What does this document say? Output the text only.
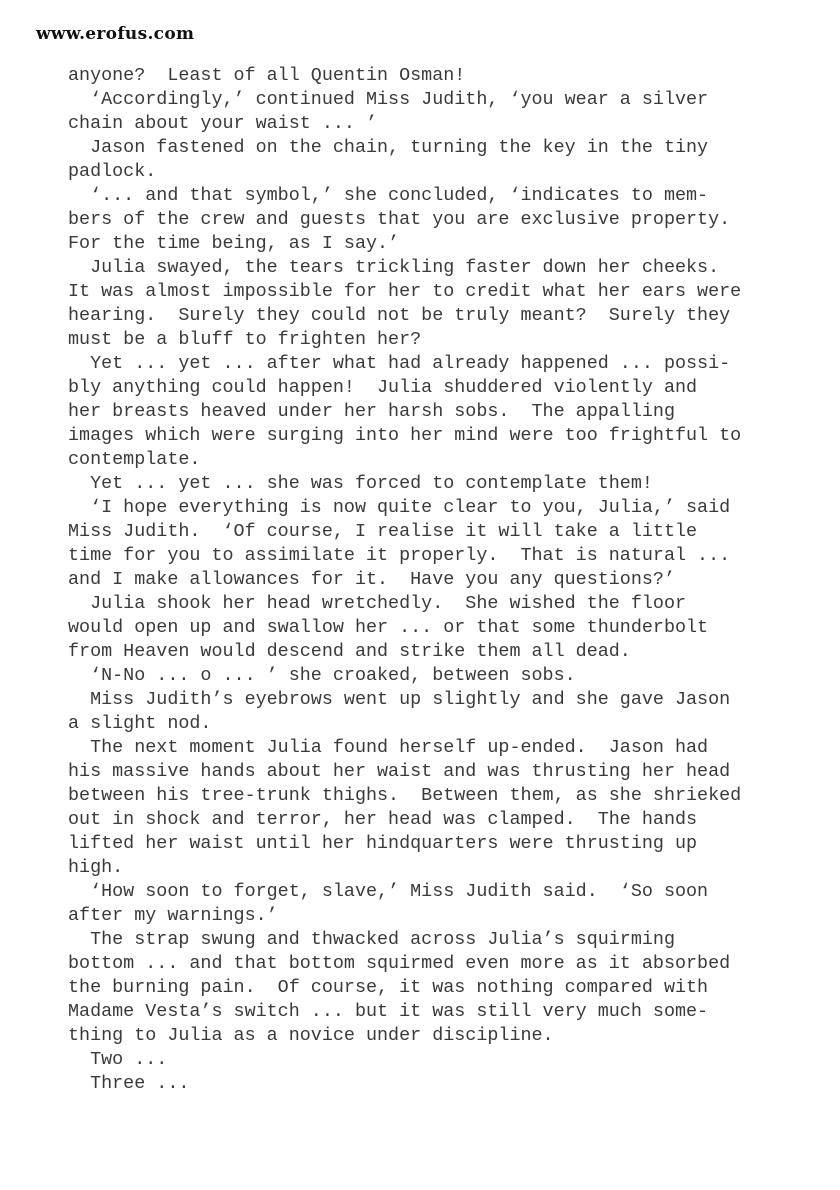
www.erofus.com
anyone?  Least of all Quentin Osman!
‘Accordingly,’ continued Miss Judith, ‘you wear a silver
chain about your waist ... ’
Jason fastened on the chain, turning the key in the tiny
padlock.
‘... and that symbol,’ she concluded, ‘indicates to mem-
bers of the crew and guests that you are exclusive property.
For the time being, as I say.’
Julia swayed, the tears trickling faster down her cheeks.
It was almost impossible for her to credit what her ears were
hearing.  Surely they could not be truly meant?  Surely they
must be a bluff to frighten her?
Yet ... yet ... after what had already happened ... possi-
bly anything could happen!  Julia shuddered violently and
her breasts heaved under her harsh sobs.  The appalling
images which were surging into her mind were too frightful to
contemplate.
Yet ... yet ... she was forced to contemplate them!
‘I hope everything is now quite clear to you, Julia,’ said
Miss Judith.  ‘Of course, I realise it will take a little
time for you to assimilate it properly.  That is natural ...
and I make allowances for it.  Have you any questions?’
Julia shook her head wretchedly.  She wished the floor
would open up and swallow her ... or that some thunderbolt
from Heaven would descend and strike them all dead.
‘N-No ... o ... ’ she croaked, between sobs.
Miss Judith’s eyebrows went up slightly and she gave Jason
a slight nod.
The next moment Julia found herself up-ended.  Jason had
his massive hands about her waist and was thrusting her head
between his tree-trunk thighs.  Between them, as she shrieked
out in shock and terror, her head was clamped.  The hands
lifted her waist until her hindquarters were thrusting up
high.
‘How soon to forget, slave,’ Miss Judith said.  ‘So soon
after my warnings.’
The strap swung and thwacked across Julia’s squirming
bottom ... and that bottom squirmed even more as it absorbed
the burning pain.  Of course, it was nothing compared with
Madame Vesta’s switch ... but it was still very much some-
thing to Julia as a novice under discipline.
Two ...
Three ...
